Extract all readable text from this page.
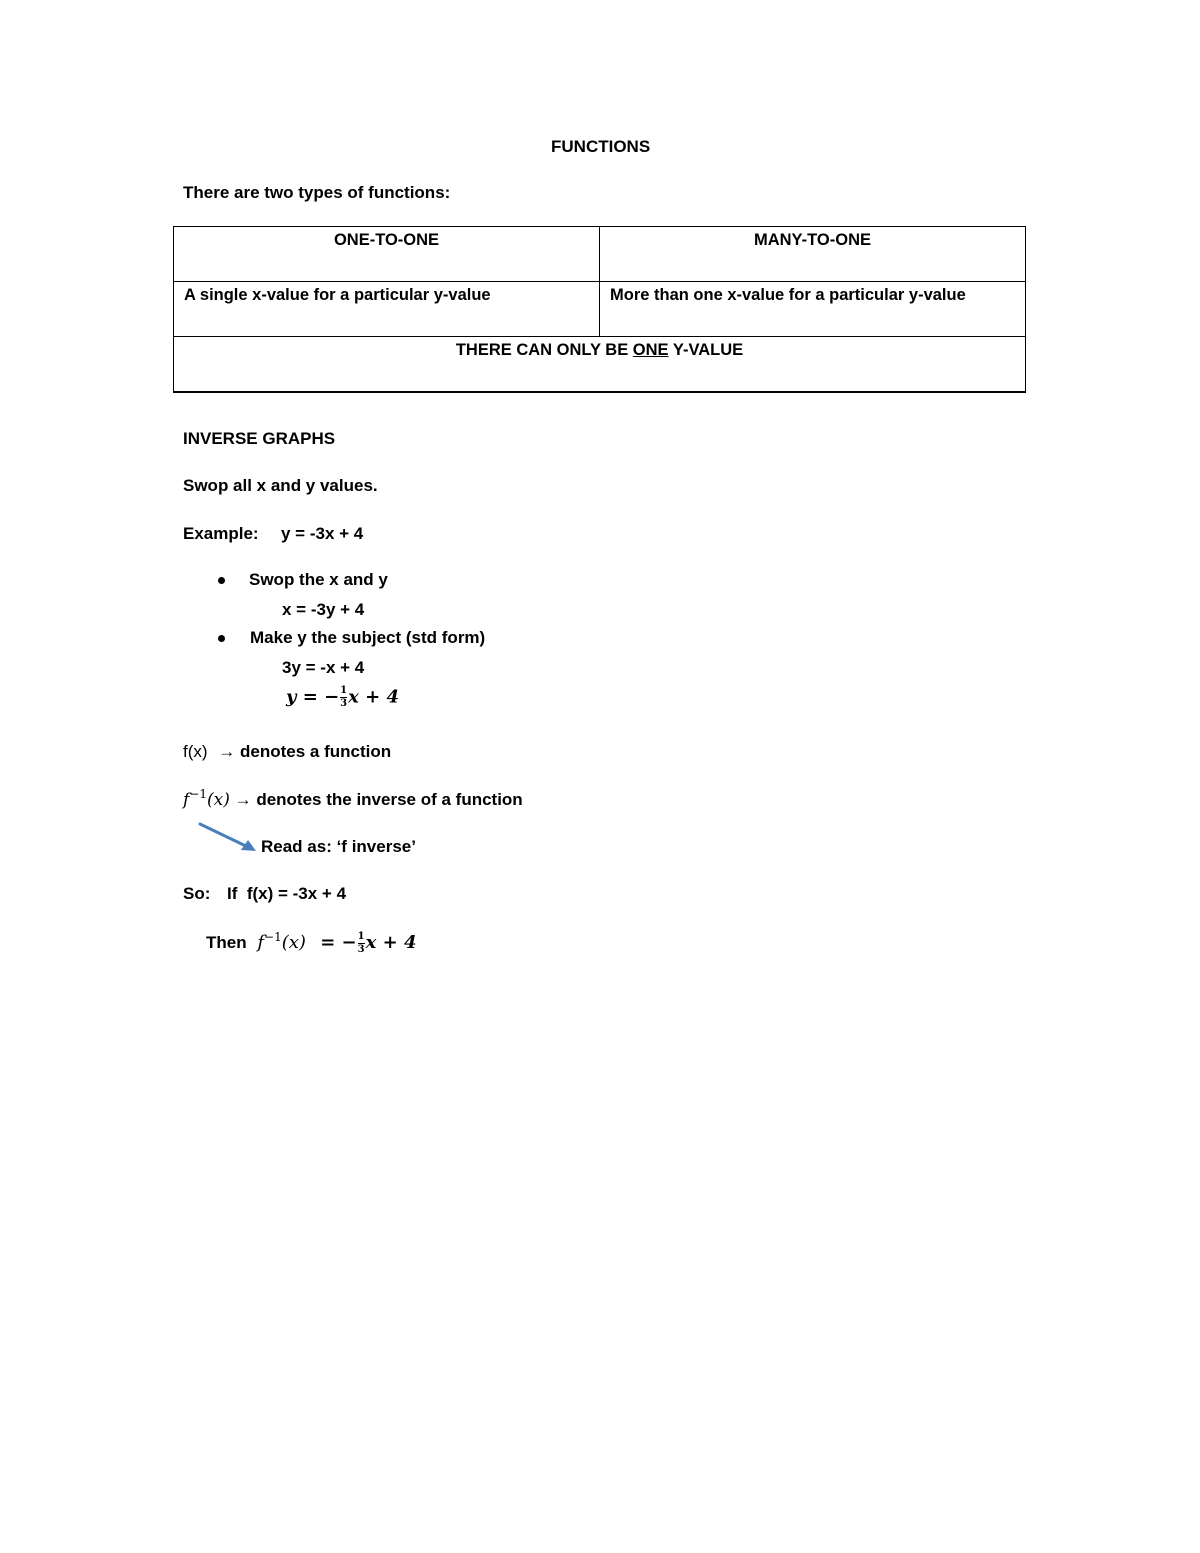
FUNCTIONS
There are two types of functions:
ONE-TO-ONE	MANY-TO-ONE
A single x-value for a particular y-value	More than one x-value for a particular y-value
THERE CAN ONLY BE ONE Y-VALUE	
INVERSE GRAPHS
Swop all x and y values.
Example: y = -3x + 4
Swop the x and y
x = -3y + 4
Make y the subject (std form)
3y = -x + 4
y = − $\frac{1}{3}$ x + 4
f(x) → denotes a function
$f^{-1}(x)$ → denotes the inverse of a function
Read as: ‘f inverse’
So: If  f(x) = -3x + 4
Then $f^{-1}(x)$ = − $\frac{1}{3}$ x + 4
